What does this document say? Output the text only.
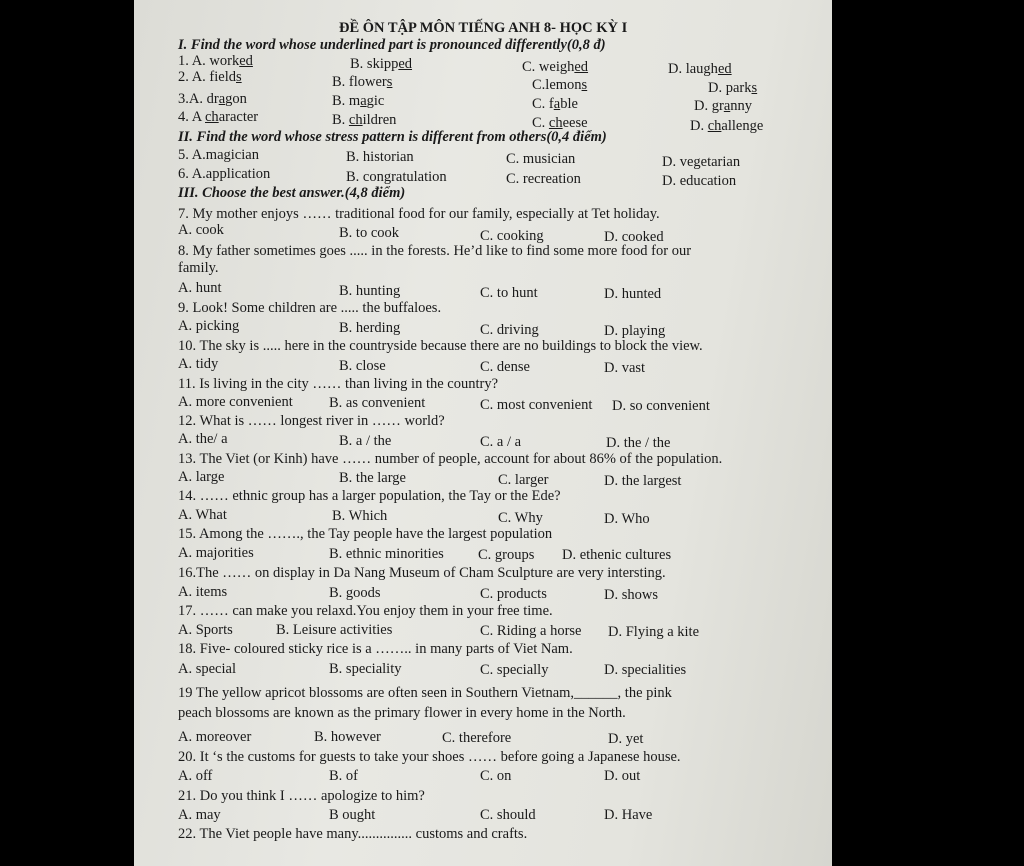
ĐỀ ÔN TẬP MÔN TIẾNG ANH 8- HỌC KỲ I
I. Find the word whose underlined part is pronounced differently(0,8 đ)
1. A. worked	B. skipped	C. weighed	D. laughed
2. A. fields	B. flowers	C.lemons	D. parks
3.A. dragon	B. magic	C. fable	D. granny
4. A character	B. children	C. cheese	D. challenge
II. Find the word whose stress pattern is different from others(0,4 điểm)
5. A.magician	B. historian	C. musician	D. vegetarian
6. A.application	B. congratulation	C. recreation	D. education
III. Choose the best answer.(4,8 điểm)
7. My mother enjoys …… traditional food for our family, especially at Tet holiday.
A. cook	B. to cook	C. cooking	D. cooked
8. My father sometimes goes ..... in the forests. He’d like to find some more food for our
family.
A. hunt	B. hunting	C. to hunt	D. hunted
9. Look! Some children are ..... the buffaloes.
A. picking	B. herding	C. driving	D. playing
10. The sky is ..... here in the countryside because there are no buildings to block the view.
A. tidy	B. close	C. dense	D. vast
11. Is living in the city …… than living in the country?
A. more convenient B. as convenient	C. most convenient D. so convenient
12. What is …… longest river in …… world?
A. the/ a	B. a / the	C. a / a	D. the / the
13. The Viet (or Kinh) have …… number of people, account for about 86% of the population.
A. large	B. the large	C. larger	D. the largest
14. …… ethnic group has a larger population, the Tay or the Ede?
A. What	B. Which	C. Why	D. Who
15. Among the ……., the Tay people have the largest population
A. majorities	B. ethnic minorities C. groups D. ethenic cultures
16.The …… on display in Da Nang Museum of Cham Sculpture are very intersting.
A. items	B. goods	C. products	D. shows
17. …… can make you relaxd.You enjoy them in your free time.
A. Sports	B. Leisure activities	C. Riding a horse D. Flying a kite
18. Five- coloured sticky rice is a …….. in many parts of Viet Nam.
A. special	B. speciality	C. specially	D. specialities
19 The yellow apricot blossoms are often seen in Southern Vietnam,______, the pink
peach blossoms are known as the primary flower in every home in the North.
A. moreover	B. however	C. therefore	D. yet
20. It ‘s the customs for guests to take your shoes …… before going a Japanese house.
A. off	B. of	C. on	D. out
21. Do you think I …… apologize to him?
A. may	B ought	C. should	D. Have
22. The Viet people have many............... customs and crafts.
